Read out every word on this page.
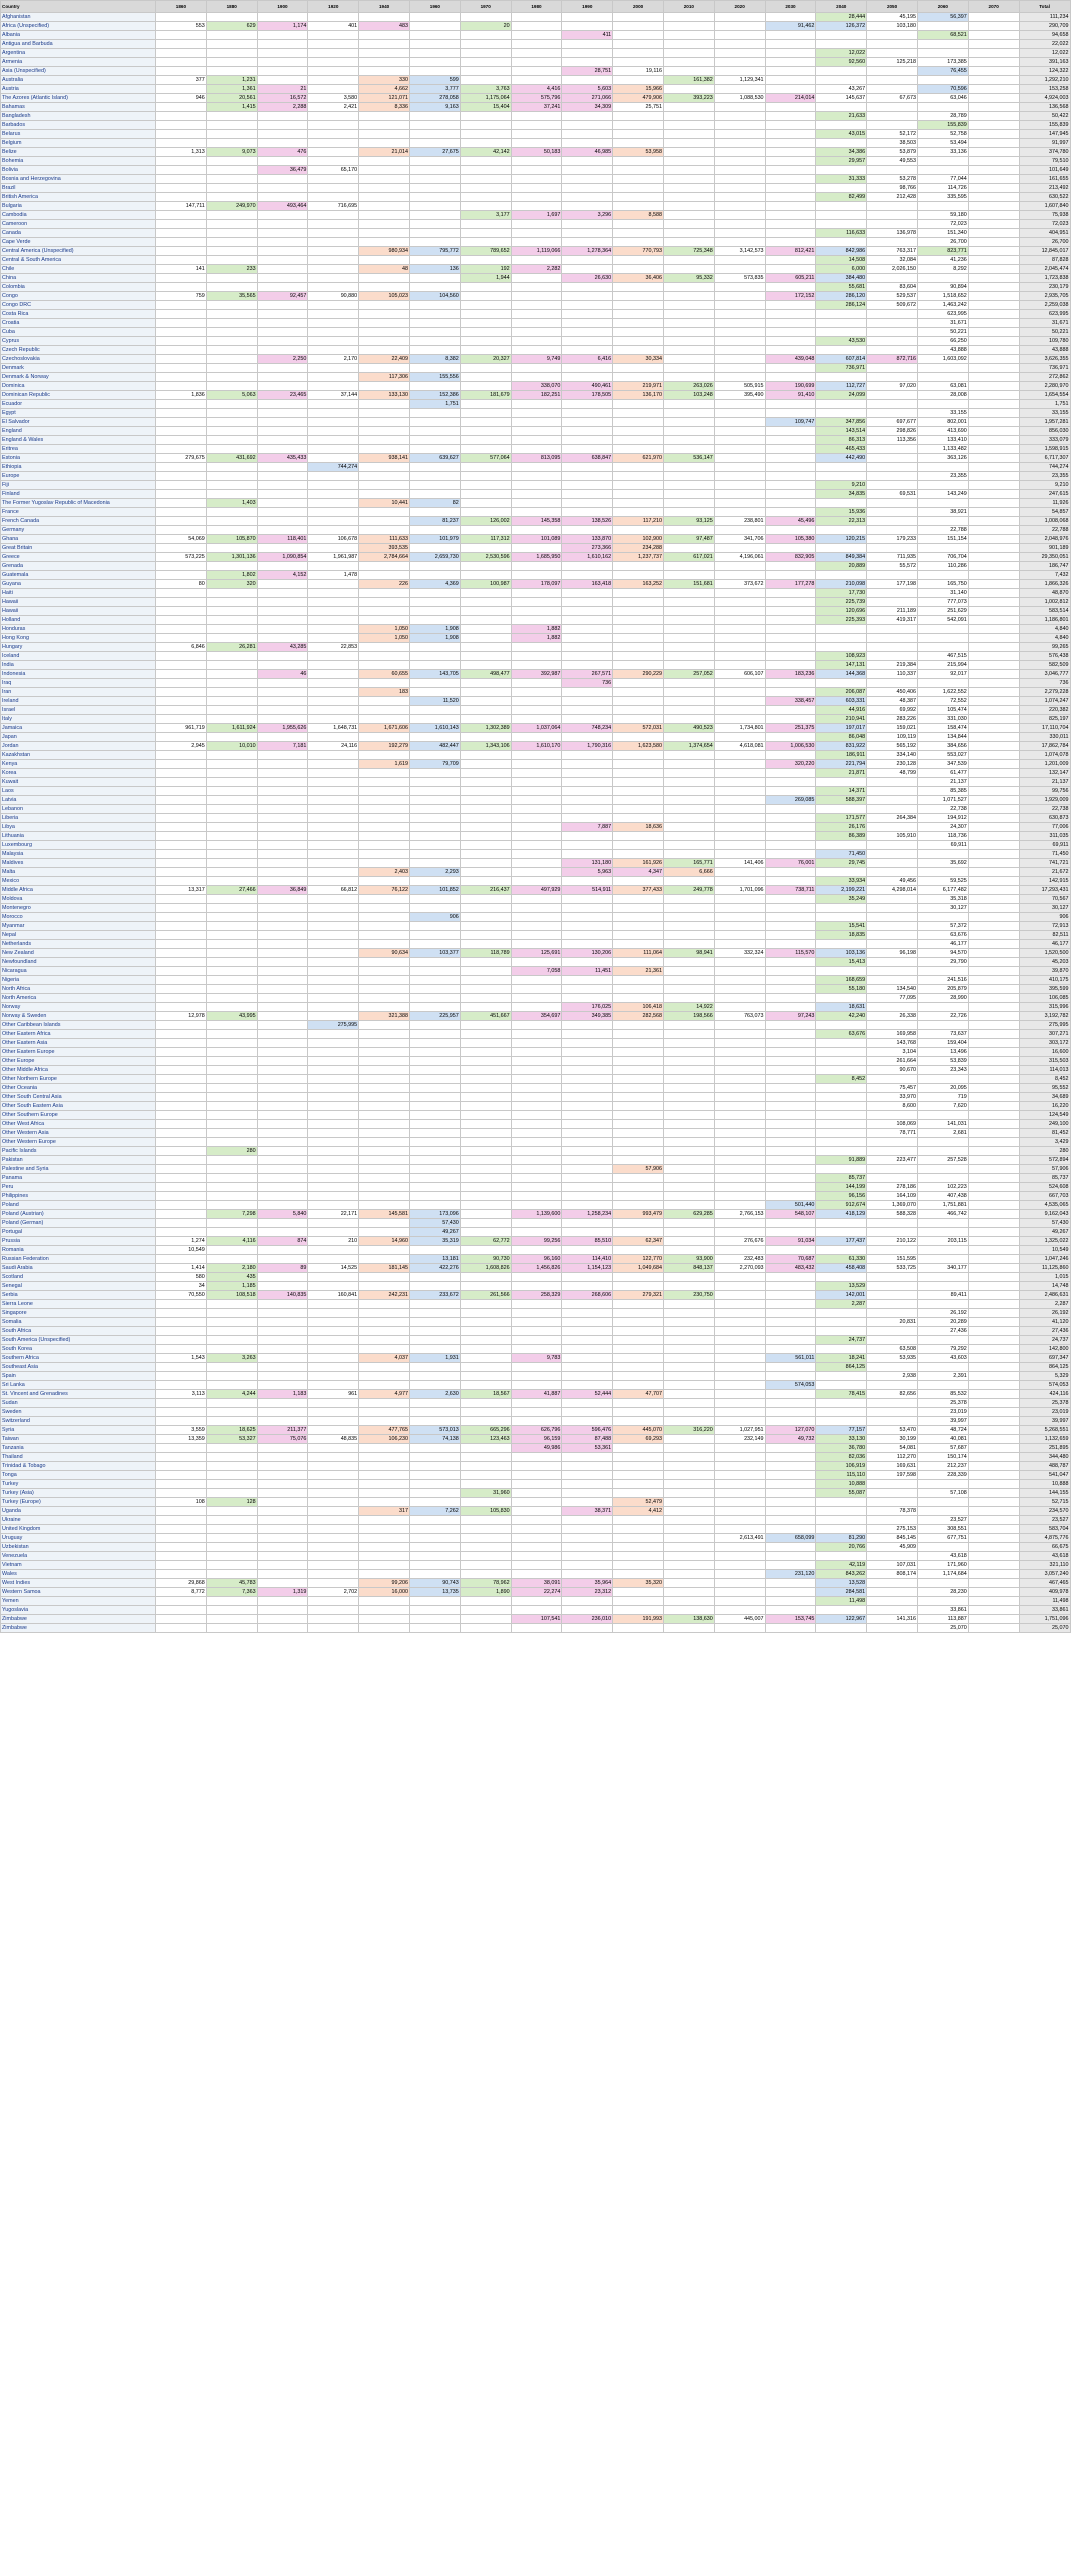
Country	1860	1880	1900	1920	1940	1960	1970	1980	1990	2000	2010	2020	2030	2040	2050	2060	2070	Total
Afghanistan														28,444	45,195	56,397		111,234
Africa (Unspecified)	553	629	1,174	401	483		20						91,462	126,372	103,180			290,709
Albania									411							68,521		94,658
Antigua and Barbuda																		22,022
Argentina														12,022				12,022
Armenia														92,560	125,218	173,385		391,163
Asia (Unspecified)									28,751	19,116						76,455		124,322
Australia	377	1,231			330	599					161,382	1,129,341						1,292,210
Austria		1,361	21		4,662	3,777	3,763	4,416	5,603	15,966				43,267		70,596		153,258
The Azores (Atlantic Island)	946	20,561	16,572	3,580	121,071	278,058	1,175,064	575,796	271,066	479,906	393,223	1,088,530	214,014	145,637	67,673	63,046		4,924,003
Bahamas		1,415	2,288	2,421	8,336	9,163	15,404	37,241	34,309	25,751								136,568
Bangladesh														21,633		28,789		50,422
Barbados																155,839		155,839
Belarus														43,015	52,172	52,758		147,945
Belgium															38,503	53,494		91,997
Belize	1,313	9,073	476		21,014	27,675	42,142	50,183	46,985	53,958				34,386	53,879	33,136		374,780
Bohemia														29,957	49,553			79,510
Bolivia			36,479	65,170														101,649
Bosnia and Herzegovina														31,333	53,278	77,044		161,655
Brazil															98,766	114,726		213,492
British America														82,499	212,428	335,595		630,522
Bulgaria	147,711	249,970	493,464	716,695														1,607,840
Cambodia							3,177	1,697	3,296	8,588						59,180		75,938
Cameroon																72,023		72,023
Canada														116,633	136,978	151,340		404,951
Cape Verde																26,700		26,700
Central America (Unspecified)					980,934	795,772	789,652	1,119,066	1,278,364	770,793	725,348	3,142,573	812,421	842,986	763,317	823,771		12,845,017
Central & South America														14,508	32,084	41,236		87,828
Chile	141	233			48	136	192	2,282						6,000	2,026,150	8,292		2,045,474
China							1,944		26,630	36,406	95,332	573,835	605,211	384,480				1,723,838
Colombia														55,681	83,604	90,894		230,179
Congo	759	35,565	92,457	90,880	105,023	104,560							172,152	286,120	529,537	1,518,652		2,935,705
Congo DRC														286,124	509,672	1,463,242		2,259,038
Costa Rica																623,995		623,995
Croatia																31,671		31,671
Cuba																50,221		50,221
Cyprus														43,530		66,250		109,780
Czech Republic																43,888		43,888
Czechoslovakia			2,250	2,170	22,409	8,382	20,327	9,749	6,416	30,334			439,048	607,814	872,716	1,603,092		3,626,355
Denmark														736,971				736,971
Denmark & Norway					117,306	155,556												272,862
Dominica								338,070	490,461	219,971	263,026	505,915	190,699	112,727	97,020	63,081		2,280,970
Dominican Republic	1,836	5,063	23,465	37,144	133,130	152,386	181,679	182,251	178,505	136,170	103,248	395,490	91,410	24,099		28,008		1,654,554
Ecuador						1,751												1,751
Egypt																33,155		33,155
El Salvador													109,747	347,856	697,677	802,001		1,957,281
England														143,514	298,826	413,690		856,030
England & Wales														86,313	113,356	133,410		333,079
Eritrea														465,433		1,133,482		1,598,915
Estonia	279,675	431,692	435,433		938,141	639,627	577,064	813,095	638,847	621,970	536,147			442,490		363,126		6,717,307
Ethiopia				744,274														744,274
Europe																23,355		23,355
Fiji														9,210				9,210
Finland														34,835	69,531	143,249		247,615
The Former Yugoslav Republic of Macedonia		1,403			10,441	82												11,926
France														15,936		38,921		54,857
French Canada						81,237	126,002	145,358	138,526	117,210	93,125	238,801	45,496	22,313				1,008,068
Germany																22,788		22,788
Ghana	54,069	105,870	118,401	106,678	111,633	101,979	117,312	101,089	133,870	102,900	97,487	341,706	105,380	120,215	179,233	151,154		2,048,976
Great Britain					393,535				273,366	234,288								901,189
Greece	573,225	1,301,136	1,090,854	1,961,987	2,784,664	2,659,730	2,530,596	1,685,950	1,610,162	1,237,737	617,021	4,196,061	832,905	849,384	711,935	706,704		29,350,051
Grenada														20,889	55,572	110,286		186,747
Guatemala		1,802	4,152	1,478														7,432
Guyana	80	320			226	4,369	100,987	178,097	163,418	163,252	151,681	373,672	177,278	210,098	177,198	165,750		1,866,326
Haiti														17,730		31,140		48,870
Hawaii														225,739		777,073		1,002,812
Hawaii														120,696	211,189	251,629		583,514
Holland														225,393	419,317	542,091		1,186,801
Honduras					1,050	1,908		1,882										4,840
Hong Kong					1,050	1,908		1,882										4,840
Hungary	6,846	26,281	43,285	22,853														99,265
Iceland														108,923		467,515		576,438
India														147,131	219,384	215,994		582,509
Indonesia			46		60,655	143,705	498,477	392,987	267,571	290,229	257,052	606,107	183,236	144,368	110,337	92,017		3,046,777
Iraq									736									736
Iran					183									206,087	450,406	1,622,552		2,279,228
Ireland						11,520							338,457	603,331	48,387	72,552		1,074,247
Israel														44,916	69,992	105,474		220,382
Italy														210,941	283,226	331,030		825,197
Jamaica	961,719	1,611,924	1,955,626	1,648,731	1,671,606	1,610,143	1,302,389	1,037,064	748,234	572,031	490,523	1,734,801	251,375	197,017	159,021	158,474		17,110,704
Japan														86,048	109,119	134,844		330,011
Jordan	2,945	10,010	7,181	24,116	192,279	482,447	1,343,106	1,610,170	1,790,316	1,623,580	1,374,654	4,618,081	1,006,530	831,922	565,192	384,656		17,862,784
Kazakhstan														186,911	334,140	553,027		1,074,078
Kenya					1,619	79,709							320,220	221,794	230,128	347,539		1,201,009
Korea														21,871	48,799	61,477		132,147
Kuwait																21,137		21,137
Laos														14,371		85,385		99,756
Latvia													269,085	588,397		1,071,527		1,929,009
Lebanon																22,738		22,738
Liberia														171,577	264,384	194,912		630,873
Libya									7,887	18,636				26,176		24,307		77,006
Lithuania														86,389	105,910	118,736		311,035
Luxembourg																69,911		69,911
Malaysia														71,450				71,450
Maldives									131,180	161,926	165,771	141,406	76,001	29,745		35,692		741,721
Malta					2,403	2,293			5,963	4,347	6,666							21,672
Mexico														33,934	49,456	59,525		142,915
Middle Africa	13,317	27,466	36,849	66,812	76,122	101,852	216,437	497,929	514,911	377,433	249,778	1,701,096	738,711	2,199,221	4,298,014	6,177,482		17,293,431
Moldova														35,249		35,318		70,567
Montenegro																30,127		30,127
Morocco						906												906
Myanmar														15,541		57,372		72,913
Nepal														18,835		63,676		82,511
Netherlands																46,177		46,177
New Zealand					90,634	103,377	118,789	125,691	130,206	111,064	98,941	332,324	115,570	103,136	96,198	94,570		1,520,500
Newfoundland														15,413		29,790		45,203
Nicaragua								7,058	11,451	21,361								39,870
Nigeria														168,659		241,516		410,175
North Africa														55,180	134,540	205,879		395,599
North America															77,095	28,990		106,085
Norway									176,025	106,418	14,922			18,631				315,996
Norway & Sweden	12,978	43,995			321,388	225,957	451,667	354,697	349,385	282,568	198,566	763,073	97,243	42,240	26,338	22,726		3,192,782
Other Caribbean Islands				275,995														275,995
Other Eastern Africa														63,676	169,958	73,637		307,271
Other Eastern Asia															143,768	159,404		303,172
Other Eastern Europe															3,104	13,496		16,600
Other Europe															261,664	53,839		315,503
Other Middle Africa															90,670	23,343		114,013
Other Northern Europe														8,452				8,452
Other Oceania															75,457	20,095		95,552
Other South Central Asia															33,970	719		34,689
Other South Eastern Asia															8,600	7,620		16,220
Other Southern Europe																		124,549
Other West Africa															108,069	141,031		249,100
Other Western Asia															78,771	2,681		81,452
Other Western Europe																		3,429
Pacific Islands		280																280
Pakistan														91,889	223,477	257,528		572,894
Palestine and Syria										57,906								57,906
Panama														85,737				85,737
Peru														144,199	278,186	102,223		524,608
Philippines														96,156	164,109	407,438		667,703
Poland													501,440	912,674	1,369,070	1,751,881		4,535,065
Poland (Austrian)		7,298	5,840	22,171	145,581	173,096		1,139,600	1,258,234	993,479	629,285	2,766,153	548,107	418,129	588,328	466,742		9,162,043
Poland (German)						57,430												57,430
Portugal						49,267												49,267
Prussia	1,274	4,116	874	210	14,960	35,319	62,772	99,256	85,510	62,347		276,676	91,034	177,437	210,122	203,115		1,325,022
Romania	10,549																	10,549
Russian Federation						13,181	90,730	96,160	114,410	122,770	93,900	232,483	70,687	61,330	151,595			1,047,246
Saudi Arabia	1,414	2,180	89	14,525	181,145	422,276	1,608,826	1,456,826	1,154,123	1,049,684	848,137	2,270,093	483,432	458,408	533,725	340,177		11,125,860
Scotland	580	435																1,015
Senegal	34	1,185												13,529				14,748
Serbia	70,550	108,518	140,835	160,841	242,231	233,672	261,566	258,329	268,606	279,321	230,750			142,001		89,411		2,486,631
Sierra Leone														2,287				2,287
Singapore																26,192		26,192
Somalia															20,831	20,289		41,120
South Africa																27,436		27,436
South America (Unspecified)														24,737				24,737
South Korea															63,508	79,292		142,800
Southern Africa	1,543	3,263			4,037	1,931		9,783					561,011	18,241	53,935	43,603		697,347
Southeast Asia														864,125				864,125
Spain															2,938	2,391		5,329
Sri Lanka													574,053					574,053
St. Vincent and Grenadines	3,113	4,244	1,183	961	4,977	2,630	18,567	41,887	52,444	47,707				78,415	82,656	85,532		424,116
Sudan																25,378		25,378
Sweden																23,019		23,019
Switzerland																39,997		39,997
Syria	3,559	18,625	211,377		477,765	573,013	665,296	626,796	596,476	445,070	316,220	1,027,951	127,070	77,157	53,470	48,724		5,268,551
Taiwan	13,359	53,327	75,076	48,835	106,230	74,138	123,463	96,159	87,488	69,293		232,149	49,732	33,130	30,199	40,081		1,132,659
Tanzania								49,986	53,361					36,780	54,081	57,687		251,895
Thailand														82,036	112,270	150,174		344,480
Trinidad & Tobago														106,919	169,631	212,237		488,787
Tonga														115,110	197,598	228,339		541,047
Turkey														10,888				10,888
Turkey (Asia)							31,960							55,087		57,108		144,155
Turkey (Europe)	108	128								52,479								52,715
Uganda					317	7,262	105,830		38,371	4,412					78,378			234,570
Ukraine																23,527		23,527
United Kingdom															275,153	308,551		583,704
Uruguay												2,613,491	658,099	81,290	845,145	677,751		4,875,776
Uzbekistan														20,766	45,909			66,675
Venezuela																43,618		43,618
Vietnam														42,119	107,031	171,960		321,110
Wales													231,120	843,262	808,174	1,174,684		3,057,240
West Indies	29,868	45,783			99,206	90,743	78,962	38,091	35,964	35,320				13,528				467,465
Western Samoa	8,772	7,363	1,319	2,702	16,000	13,735	1,890	22,274	23,312					284,581		28,230		409,978
Yemen														11,498				11,498
Yugoslavia																33,861		33,861
Zimbabwe								107,541	236,010	191,993	138,630	445,007	153,745	122,967	141,316	113,887		1,751,096
Zimbabwe																25,070		25,070
